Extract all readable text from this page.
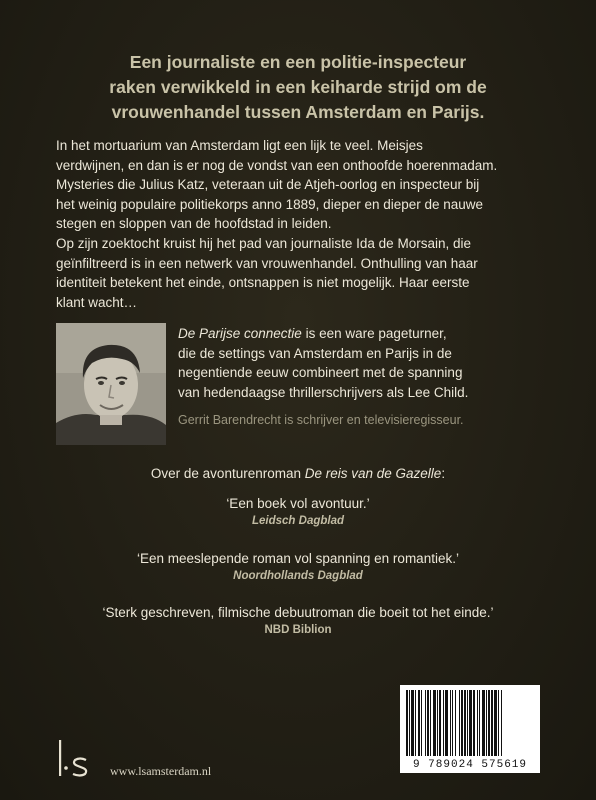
Een journaliste en een politie-inspecteur
raken verwikkeld in een keiharde strijd om de
vrouwenhandel tussen Amsterdam en Parijs.

In het mortuarium van Amsterdam ligt een lijk te veel. Meisjes

verdwijnen, en dan is er nog de vondst van een onthoofde hoerenmadam.

Mysteries die Julius Katz, veteraan uit de Atjeh-oorlog en inspecteur bij

het weinig populaire politiekorps anno 1889, dieper en dieper de nauwe

stegen en sloppen van de hoofdstad in leiden.

Op zijn zoektocht kruist hij het pad van journaliste Ida de Morsain, die

geïnfiltreerd is in een netwerk van vrouwenhandel. Onthulling van haar

identiteit betekent het einde, ontsnappen is niet mogelijk. Haar eerste

klant wacht…

De Parijse connectie is een ware pageturner,
die de settings van Amsterdam en Parijs in de
negentiende eeuw combineert met de spanning
van hedendaagse thrillerschrijvers als Lee Child.
Gerrit Barendrecht is schrijver en televisieregisseur.
Over de avonturenroman De reis van de Gazelle:
‘Een boek vol avontuur.’
Leidsch Dagblad
‘Een meeslepende roman vol spanning en romantiek.’
Noordhollands Dagblad
‘Sterk geschreven, filmische debuutroman die boeit tot het einde.’
NBD Biblion
9 789024 575619
www.lsamsterdam.nl
